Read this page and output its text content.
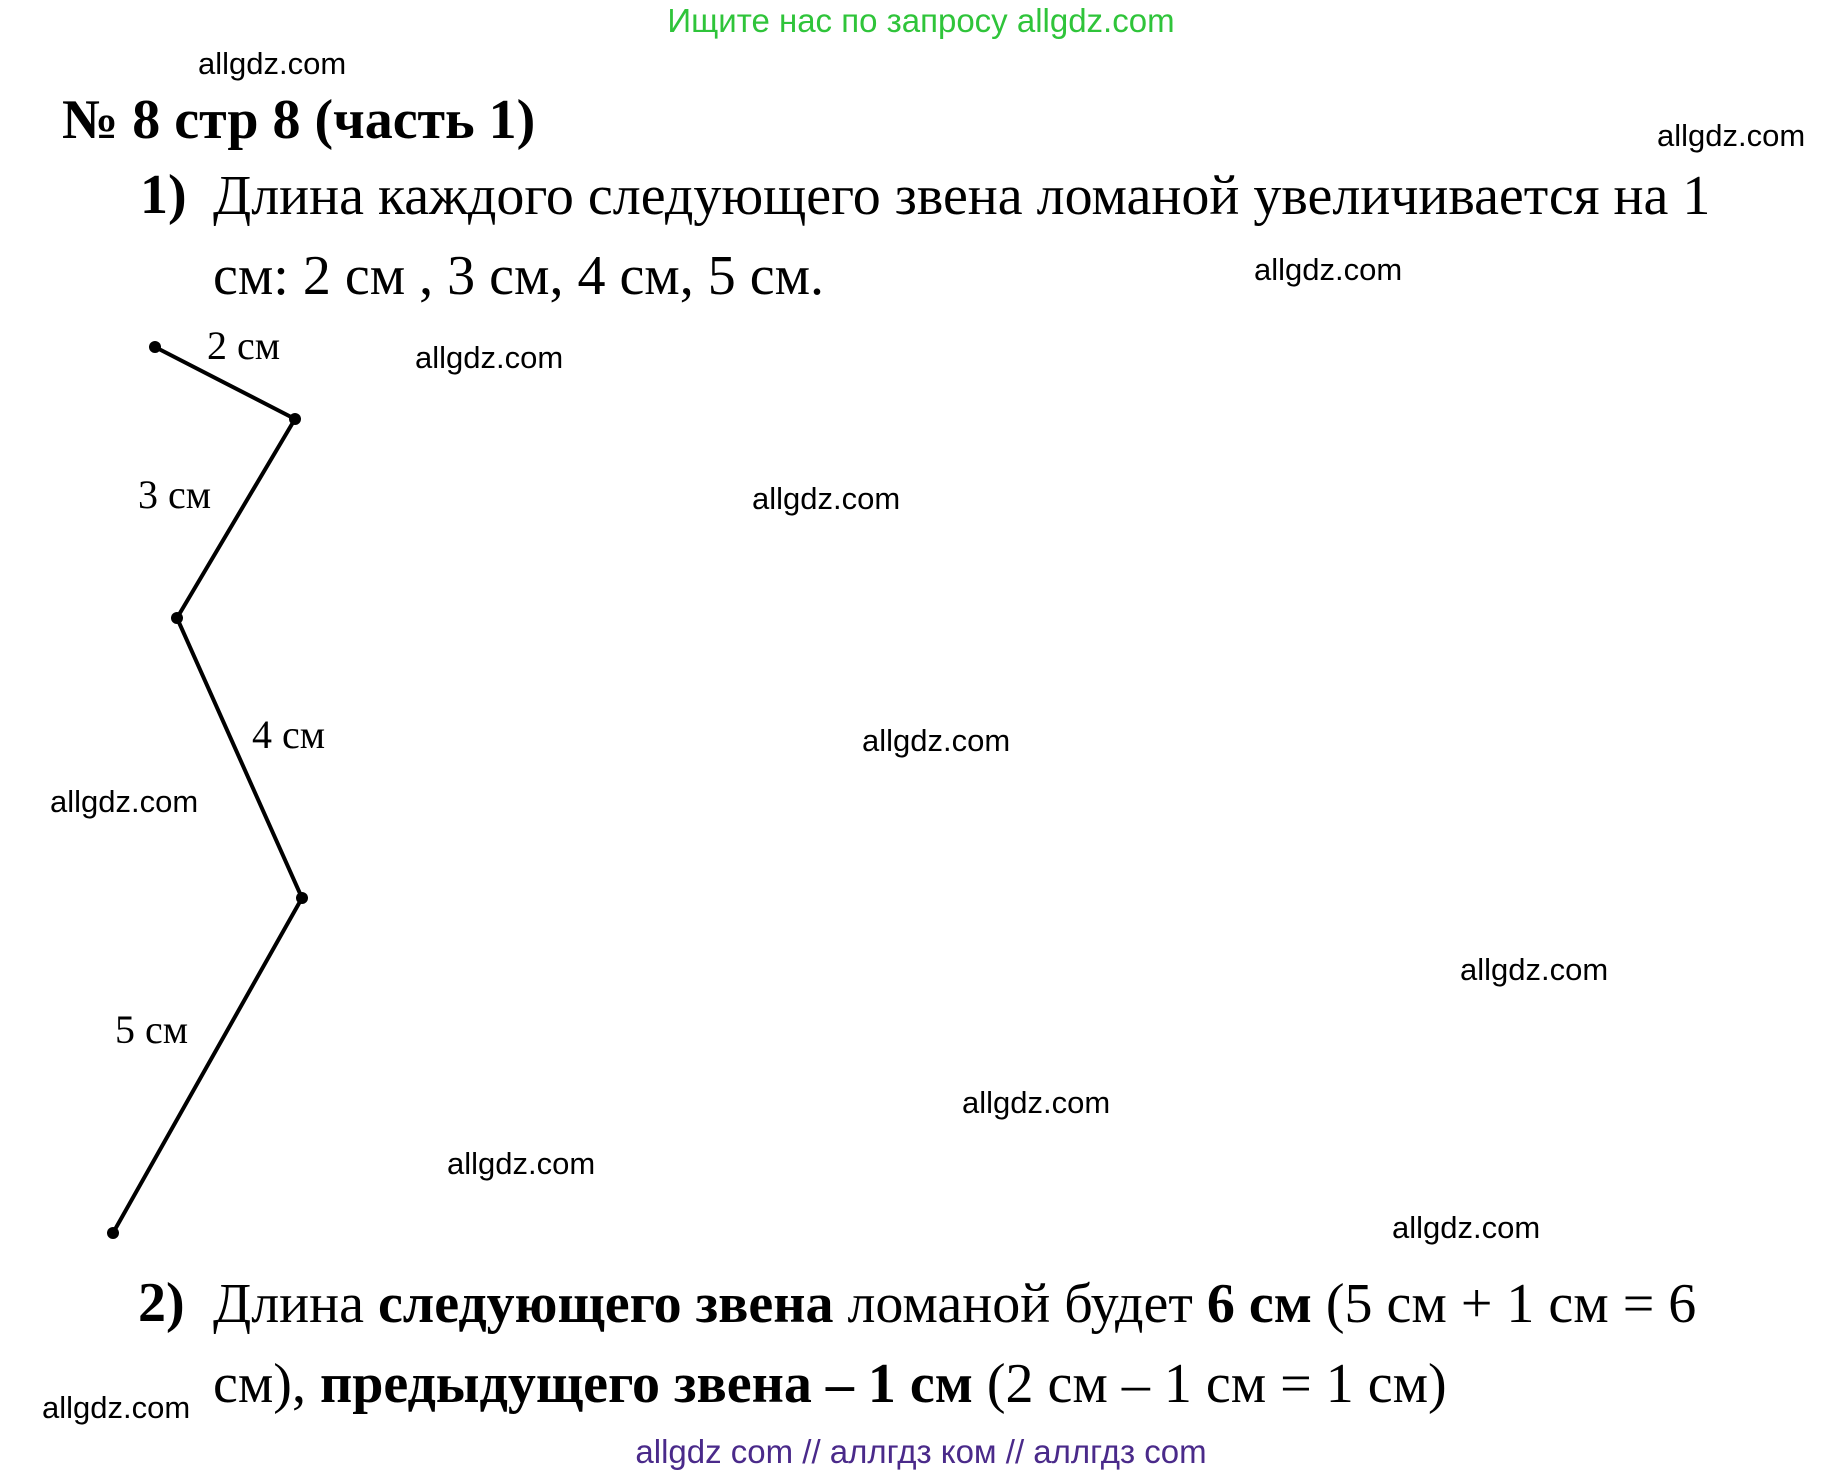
Ищите нас по запросу allgdz.com
allgdz.com
allgdz.com
allgdz.com
allgdz.com
allgdz.com
allgdz.com
allgdz.com
allgdz.com
allgdz.com
allgdz.com
allgdz.com
allgdz.com
№ 8 стр 8 (часть 1)
1) Длина каждого следующего звена ломаной увеличивается на 1
см: 2 см , 3 см, 4 см, 5 см.
2 см
3 см
4 см
5 см
2) Длина следующего звена ломаной будет 6 см (5 см + 1 см = 6
см), предыдущего звена – 1 см (2 см – 1 см = 1 см)
allgdz com // аллгдз ком // аллгдз com
